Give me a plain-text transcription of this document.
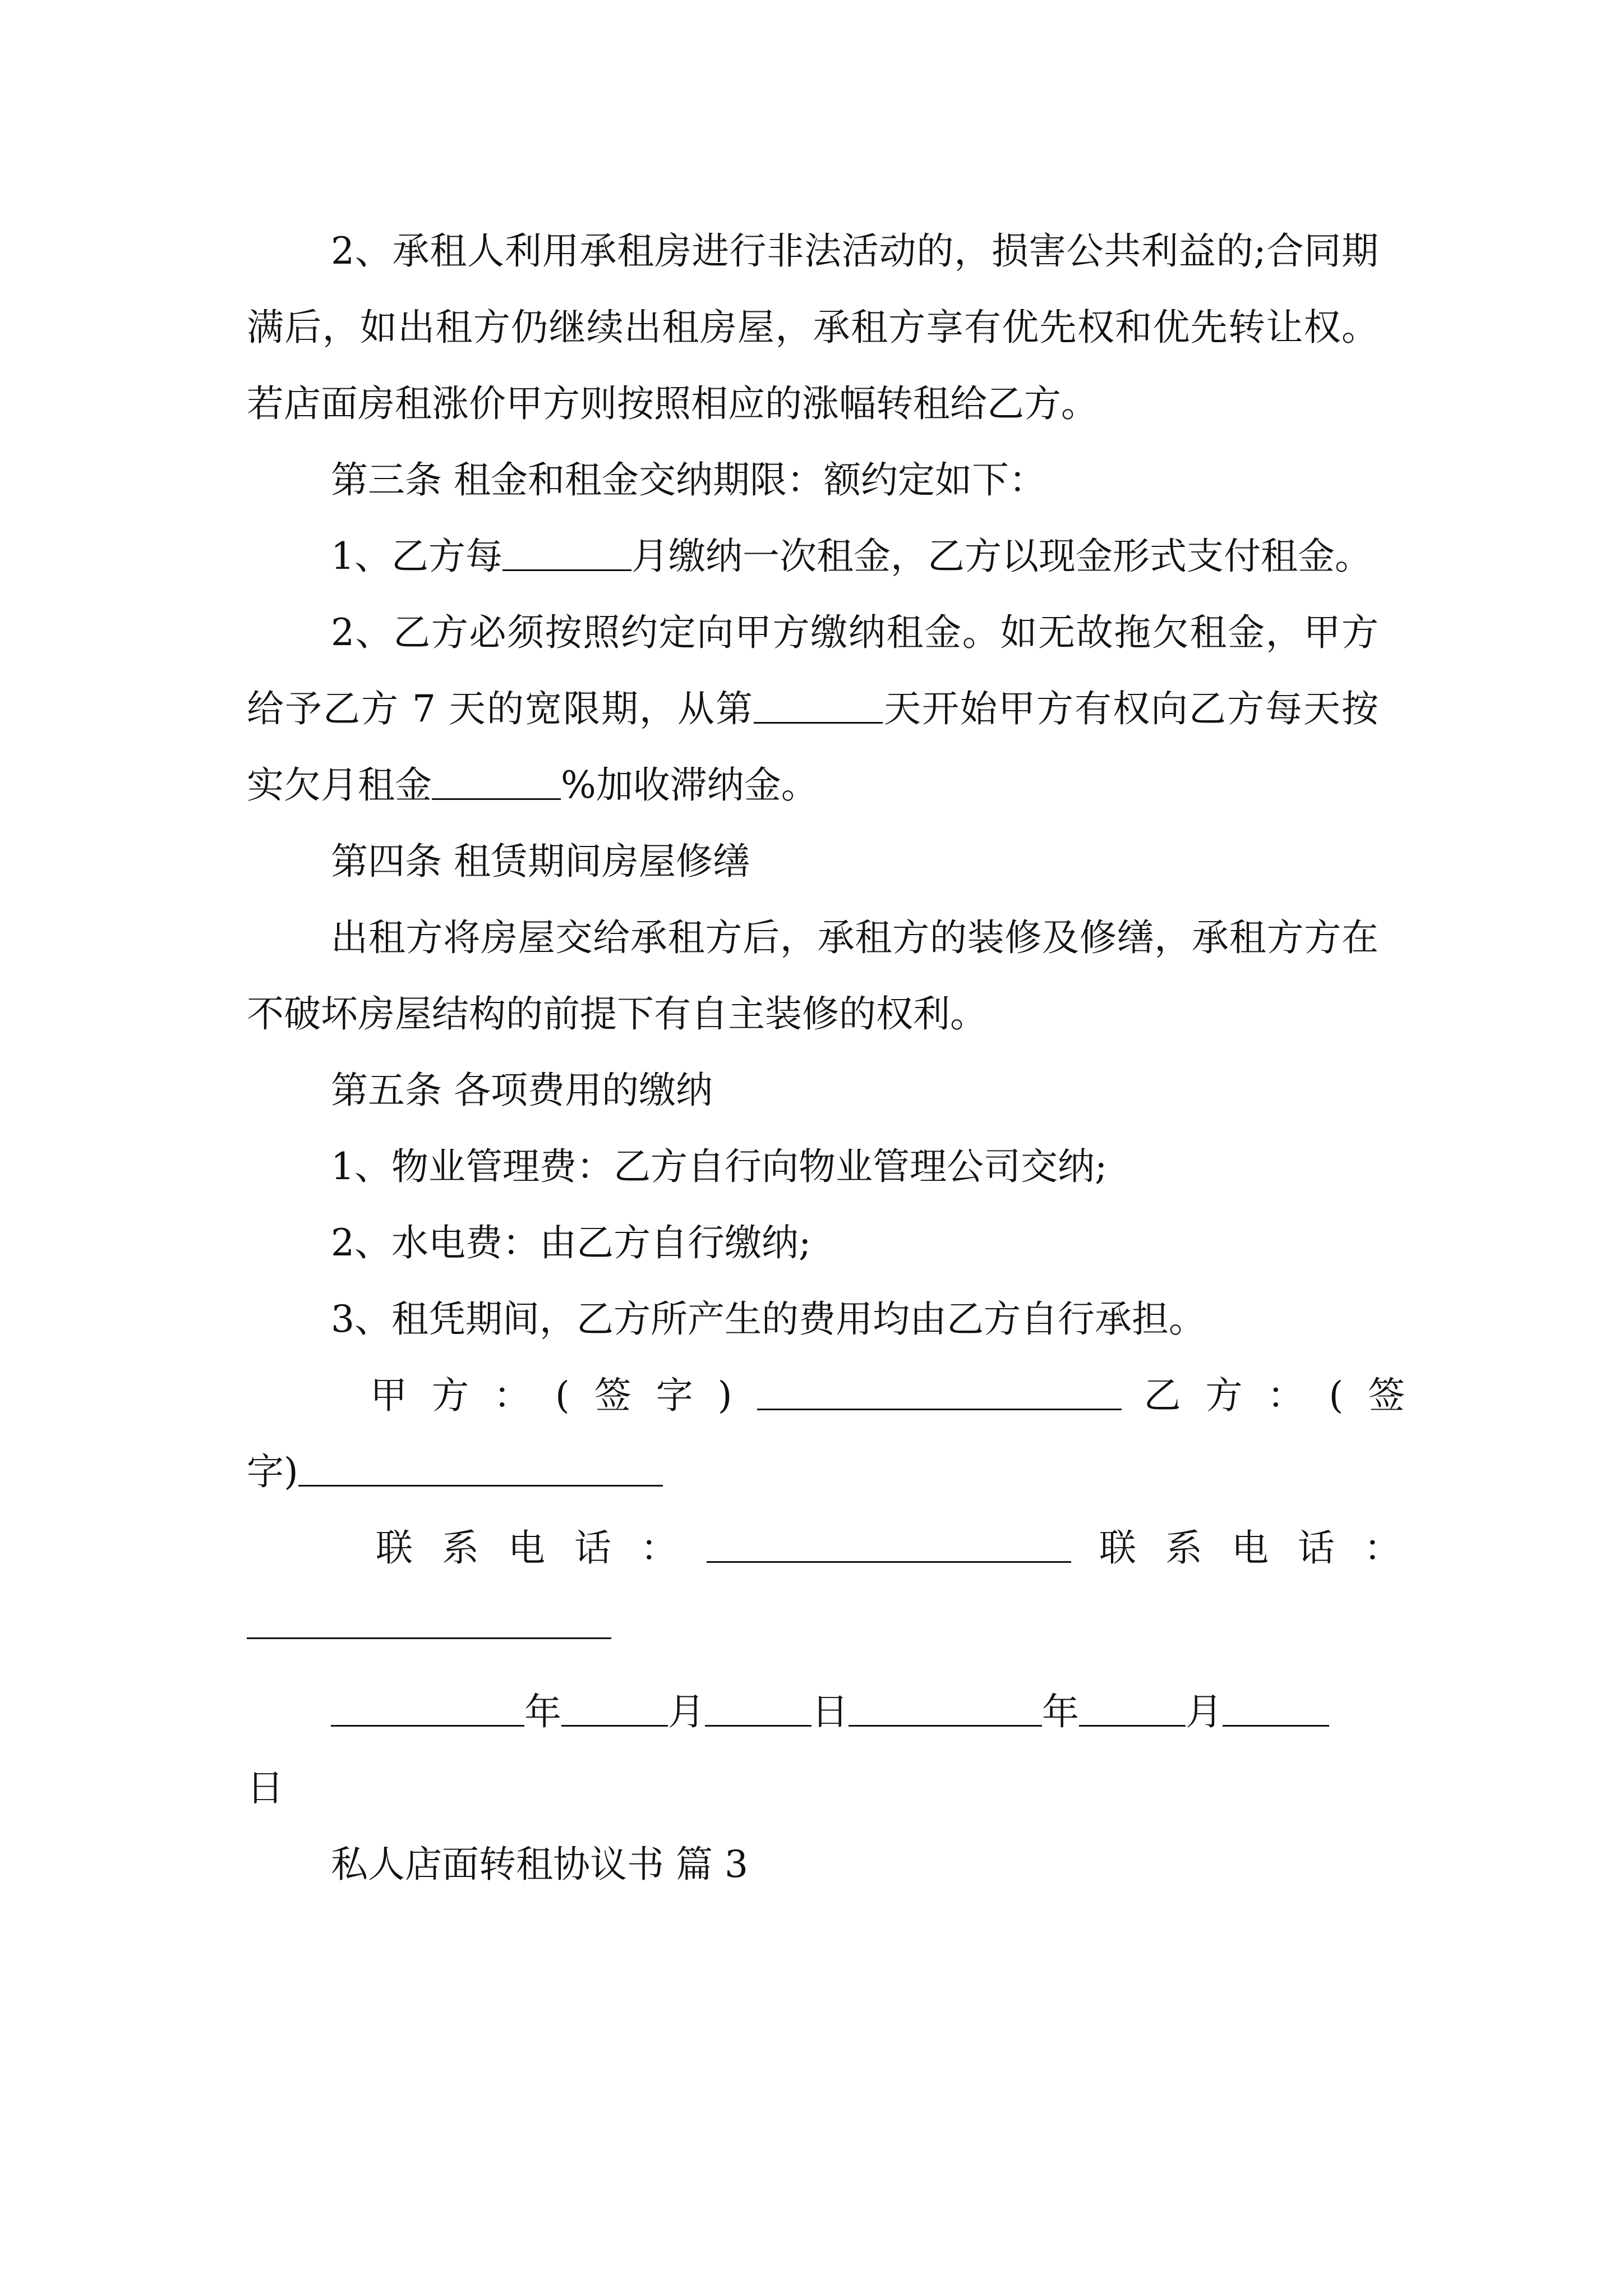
2、承租人利用承租房进行非法活动的，损害公共利益的;合同期满后，如出租方仍继续出租房屋，承租方享有优先权和优先转让权。若店面房租涨价甲方则按照相应的涨幅转租给乙方。

第三条 租金和租金交纳期限：额约定如下：

1、乙方每	月缴纳一次租金，乙方以现金形式支付租金。

2、乙方必须按照约定向甲方缴纳租金。如无故拖欠租金，甲方给予乙方 7 天的宽限期，从第	天开始甲方有权向乙方每天按实欠月租金	%加收滞纳金。

第四条 租赁期间房屋修缮

出租方将房屋交给承租方后，承租方的装修及修缮，承租方方在不破坏房屋结构的前提下有自主装修的权利。

第五条 各项费用的缴纳

1、物业管理费：乙方自行向物业管理公司交纳;

2、水电费：由乙方自行缴纳;

3、租凭期间，乙方所产生的费用均由乙方自行承担。

甲方：(签字)	乙方：(签

字)

联系电话：	联系电话：

年	月	日	年	月

日

私人店面转租协议书 篇 3
